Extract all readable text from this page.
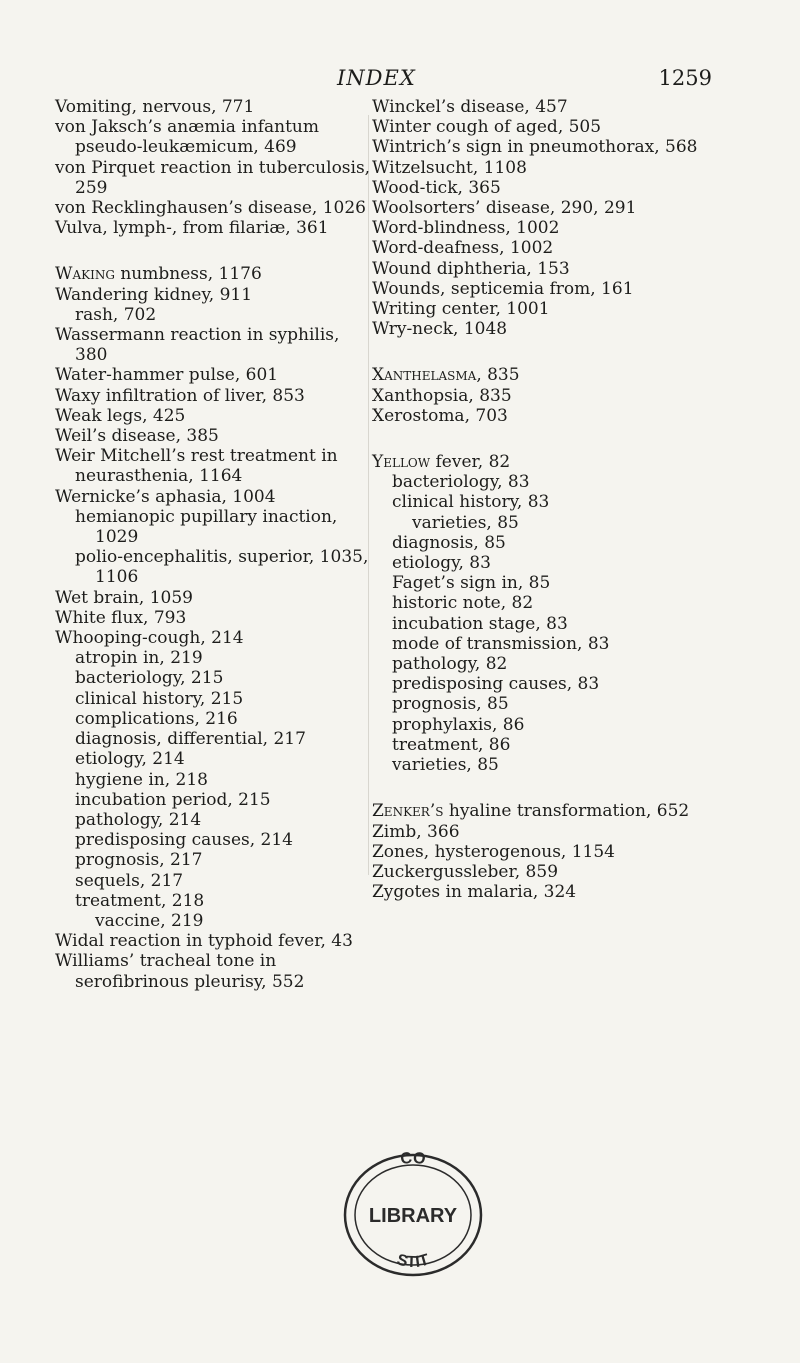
INDEX	1259
Vomiting, nervous, 771
von Jaksch’s anæmia infantum pseudo-leukæmicum, 469
von Pirquet reaction in tuberculosis, 259
von Recklinghausen’s disease, 1026
Vulva, lymph-, from filariæ, 361
Waking numbness, 1176
Wandering kidney, 911
rash, 702
Wassermann reaction in syphilis, 380
Water-hammer pulse, 601
Waxy infiltration of liver, 853
Weak legs, 425
Weil’s disease, 385
Weir Mitchell’s rest treatment in neurasthenia, 1164
Wernicke’s aphasia, 1004
hemianopic pupillary inaction, 1029
polio-encephalitis, superior, 1035, 1106
Wet brain, 1059
White flux, 793
Whooping-cough, 214
atropin in, 219
bacteriology, 215
clinical history, 215
complications, 216
diagnosis, differential, 217
etiology, 214
hygiene in, 218
incubation period, 215
pathology, 214
predisposing causes, 214
prognosis, 217
sequels, 217
treatment, 218
vaccine, 219
Widal reaction in typhoid fever, 43
Williams’ tracheal tone in serofibrinous pleurisy, 552
Winckel’s disease, 457
Winter cough of aged, 505
Wintrich’s sign in pneumothorax, 568
Witzelsucht, 1108
Wood-tick, 365
Woolsorters’ disease, 290, 291
Word-blindness, 1002
Word-deafness, 1002
Wound diphtheria, 153
Wounds, septicemia from, 161
Writing center, 1001
Wry-neck, 1048
Xanthelasma, 835
Xanthopsia, 835
Xerostoma, 703
Yellow fever, 82
bacteriology, 83
clinical history, 83
varieties, 85
diagnosis, 85
etiology, 83
Faget’s sign in, 85
historic note, 82
incubation stage, 83
mode of transmission, 83
pathology, 82
predisposing causes, 83
prognosis, 85
prophylaxis, 86
treatment, 86
varieties, 85
Zenker’s hyaline transformation, 652
Zimb, 366
Zones, hysterogenous, 1154
Zuckergussleber, 859
Zygotes in malaria, 324
CO
LIBRARY
STIT
